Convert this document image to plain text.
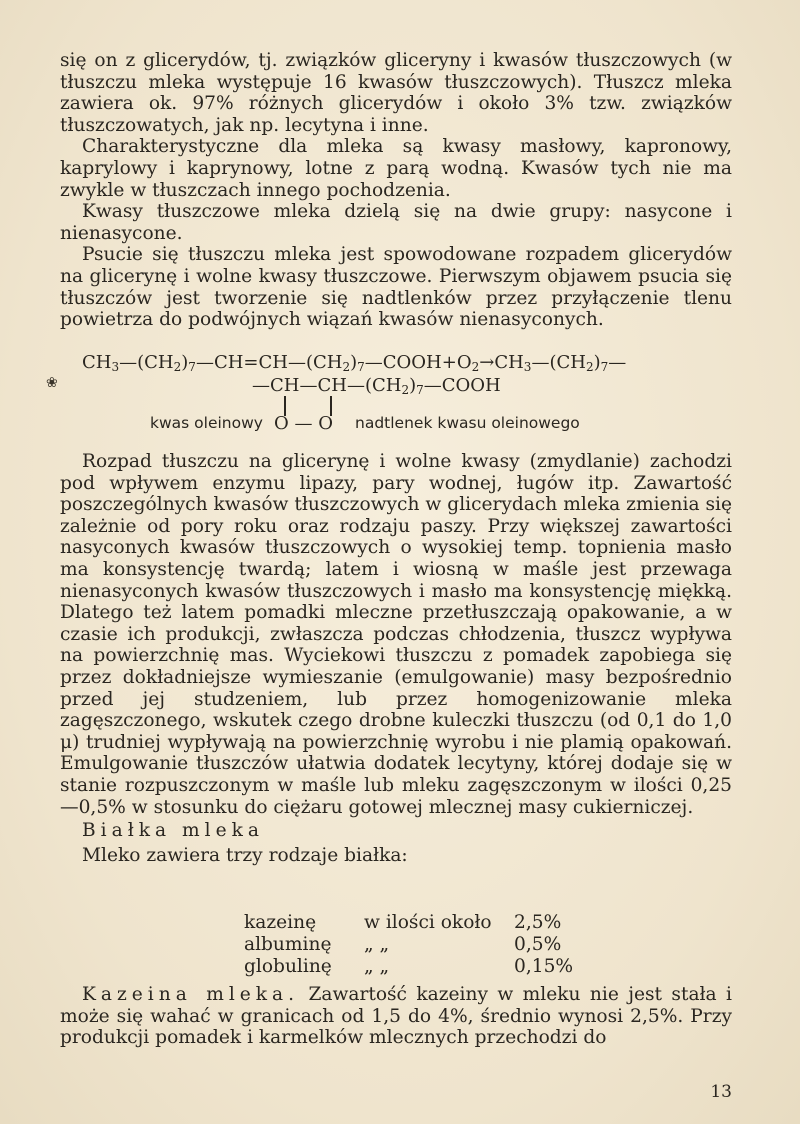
się on z glicerydów, tj. związków gliceryny i kwasów tłuszczowych (w tłuszczu mleka występuje 16 kwasów tłuszczowych). Tłuszcz mleka zawiera ok. 97% różnych glicerydów i około 3% tzw. związków tłuszczowatych, jak np. lecytyna i inne.

Charakterystyczne dla mleka są kwasy masłowy, kapronowy, kaprylowy i kaprynowy, lotne z parą wodną. Kwasów tych nie ma zwykle w tłuszczach innego pochodzenia.

Kwasy tłuszczowe mleka dzielą się na dwie grupy: nasycone i nienasycone.

Psucie się tłuszczu mleka jest spowodowane rozpadem glicerydów na glicerynę i wolne kwasy tłuszczowe. Pierwszym objawem psucia się tłuszczów jest tworzenie się nadtlenków przez przyłączenie tlenu powietrza do podwójnych wiązań kwasów nienasyconych.

❀
$CH_3—(CH_2)_7—CH=CH—(CH_2)_7—COOH+O_2\to CH_3—(CH_2)_7—$
$—CH—CH—(CH_2)_7—COOH$
kwas oleinowy O — O nadtlenek kwasu oleinowego

Rozpad tłuszczu na glicerynę i wolne kwasy (zmydlanie) zachodzi pod wpływem enzymu lipazy, pary wodnej, ługów itp. Zawartość poszczególnych kwasów tłuszczowych w glicerydach mleka zmienia się zależnie od pory roku oraz rodzaju paszy. Przy większej zawartości nasyconych kwasów tłuszczowych o wysokiej temp. topnienia masło ma konsystencję twardą; latem i wiosną w maśle jest przewaga nienasyconych kwasów tłuszczowych i masło ma konsystencję miękką. Dlatego też latem pomadki mleczne przetłuszczają opakowanie, a w czasie ich produkcji, zwłaszcza podczas chłodzenia, tłuszcz wypływa na powierzchnię mas. Wyciekowi tłuszczu z pomadek zapobiega się przez dokładniejsze wymieszanie (emulgowanie) masy bezpośrednio przed jej studzeniem, lub przez homogenizowanie mleka zagęszczonego, wskutek czego drobne kuleczki tłuszczu (od 0,1 do 1,0 μ) trudniej wypływają na powierzchnię wyrobu i nie plamią opakowań. Emulgowanie tłuszczów ułatwia dodatek lecytyny, której dodaje się w stanie rozpuszczonym w maśle lub mleku zagęszczonym w ilości 0,25—0,5% w stosunku do ciężaru gotowej mlecznej masy cukierniczej.

Białka mleka

Mleko zawiera trzy rodzaje białka:

kazeinę	w ilości około	2,5%
albuminę	„ „	0,5%
globulinę	„ „	0,15%

Kazeina mleka. Zawartość kazeiny w mleku nie jest stała i może się wahać w granicach od 1,5 do 4%, średnio wynosi 2,5%. Przy produkcji pomadek i karmelków mlecznych przechodzi do

13
